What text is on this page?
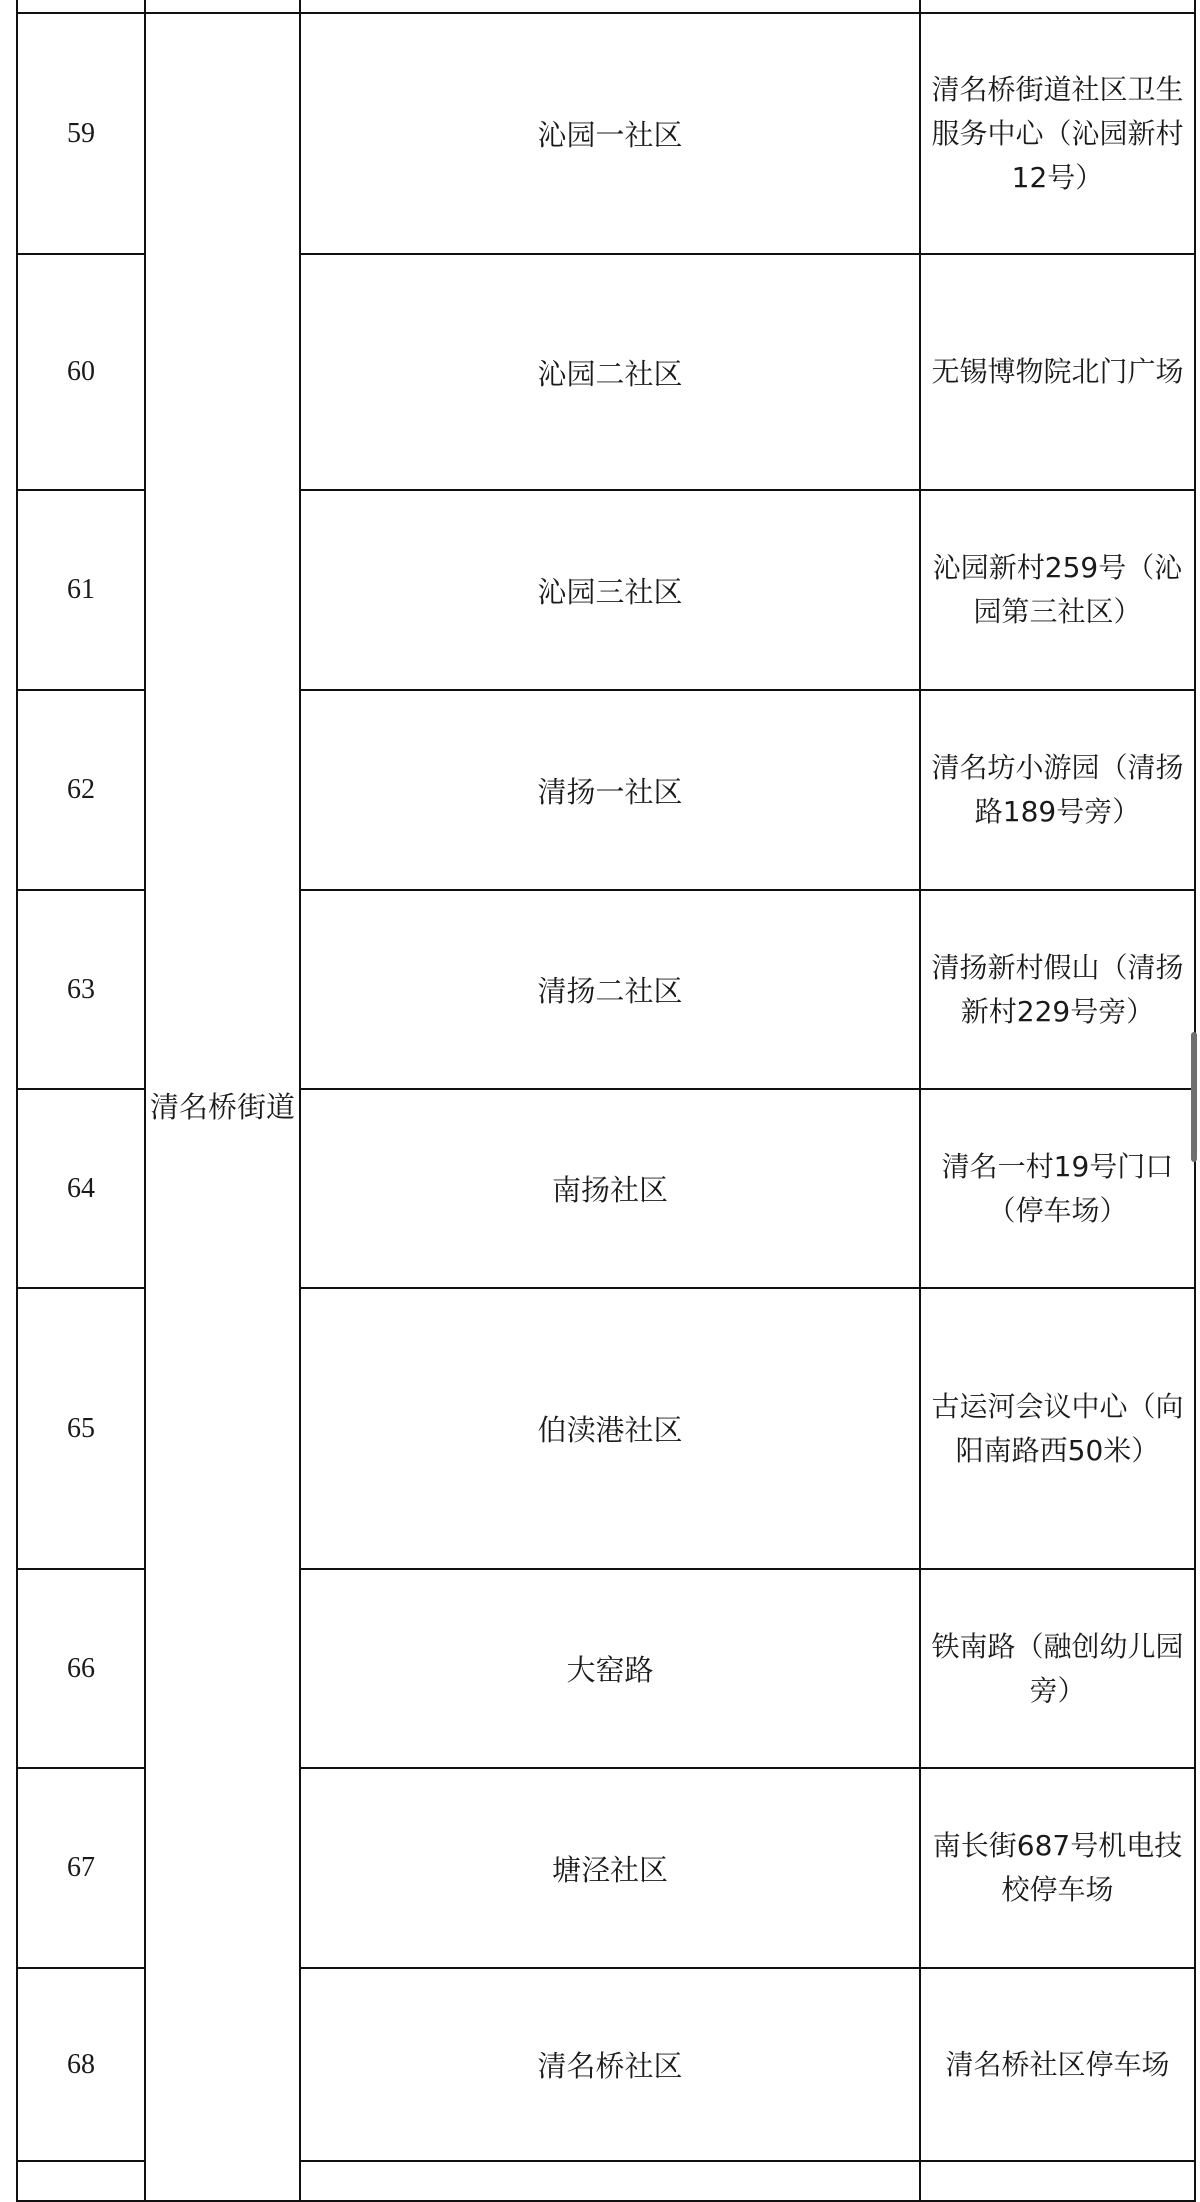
59	清名桥街道	沁园一社区	清名桥街道社区卫生服务中心（沁园新村12号）
60		沁园二社区	无锡博物院北门广场
61		沁园三社区	沁园新村259号（沁园第三社区）
62		清扬一社区	清名坊小游园（清扬路189号旁）
63		清扬二社区	清扬新村假山（清扬新村229号旁）
64		南扬社区	清名一村19号门口（停车场）
65		伯渎港社区	古运河会议中心（向阳南路西50米）
66		大窑路	铁南路（融创幼儿园旁）
67		塘泾社区	南长街687号机电技校停车场
68		清名桥社区	清名桥社区停车场
